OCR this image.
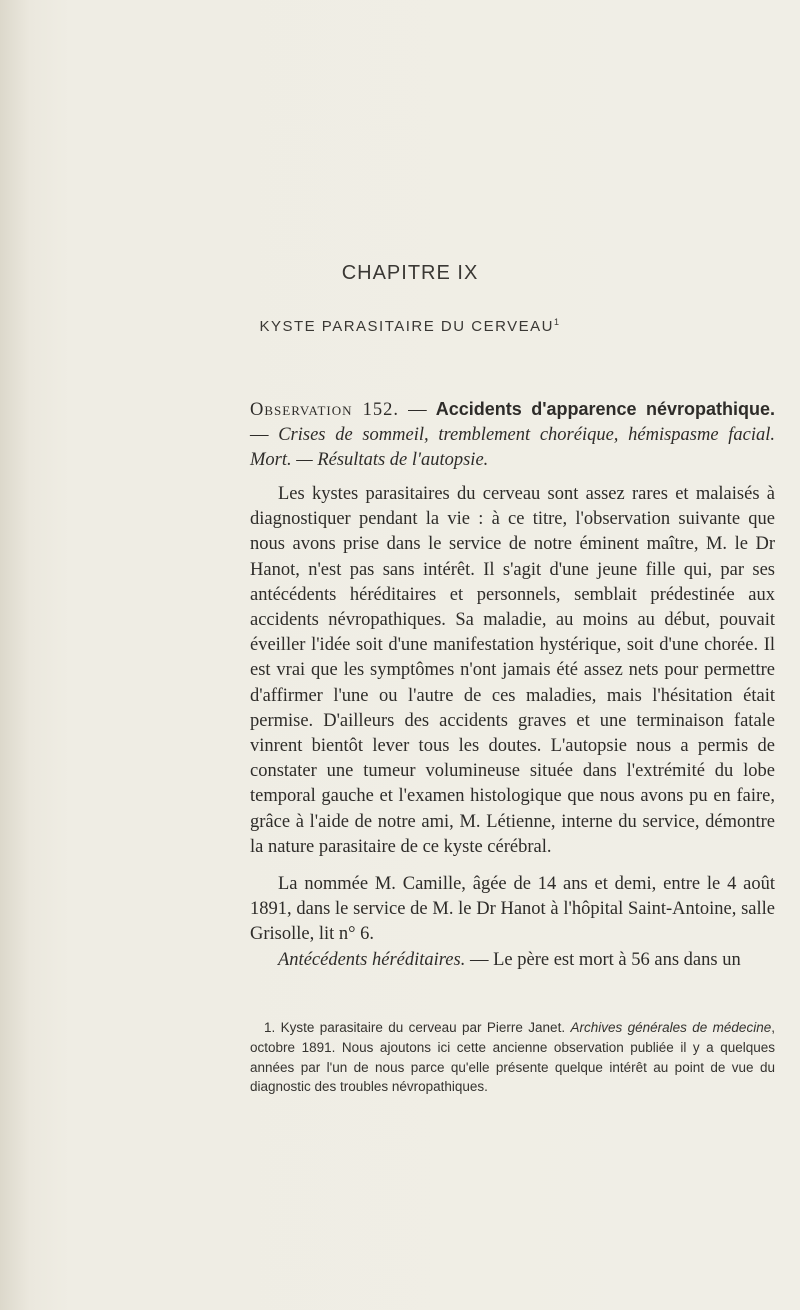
CHAPITRE IX
KYSTE PARASITAIRE DU CERVEAU$^1$
Observation 152. — Accidents d'apparence névropathique. — Crises de sommeil, tremblement choréique, hémispasme facial. Mort. — Résultats de l'autopsie.
Les kystes parasitaires du cerveau sont assez rares et malaisés à diagnostiquer pendant la vie : à ce titre, l'observation suivante que nous avons prise dans le service de notre éminent maître, M. le Dr Hanot, n'est pas sans intérêt. Il s'agit d'une jeune fille qui, par ses antécédents héréditaires et personnels, semblait prédestinée aux accidents névropathiques. Sa maladie, au moins au début, pouvait éveiller l'idée soit d'une manifestation hystérique, soit d'une chorée. Il est vrai que les symptômes n'ont jamais été assez nets pour permettre d'affirmer l'une ou l'autre de ces maladies, mais l'hésitation était permise. D'ailleurs des accidents graves et une terminaison fatale vinrent bientôt lever tous les doutes. L'autopsie nous a permis de constater une tumeur volumineuse située dans l'extrémité du lobe temporal gauche et l'examen histologique que nous avons pu en faire, grâce à l'aide de notre ami, M. Létienne, interne du service, démontre la nature parasitaire de ce kyste cérébral.
La nommée M. Camille, âgée de 14 ans et demi, entre le 4 août 1891, dans le service de M. le Dr Hanot à l'hôpital Saint-Antoine, salle Grisolle, lit n° 6.
Antécédents héréditaires. — Le père est mort à 56 ans dans un
1. Kyste parasitaire du cerveau par Pierre Janet. Archives générales de médecine, octobre 1891. Nous ajoutons ici cette ancienne observation publiée il y a quelques années par l'un de nous parce qu'elle présente quelque intérêt au point de vue du diagnostic des troubles névropathiques.
